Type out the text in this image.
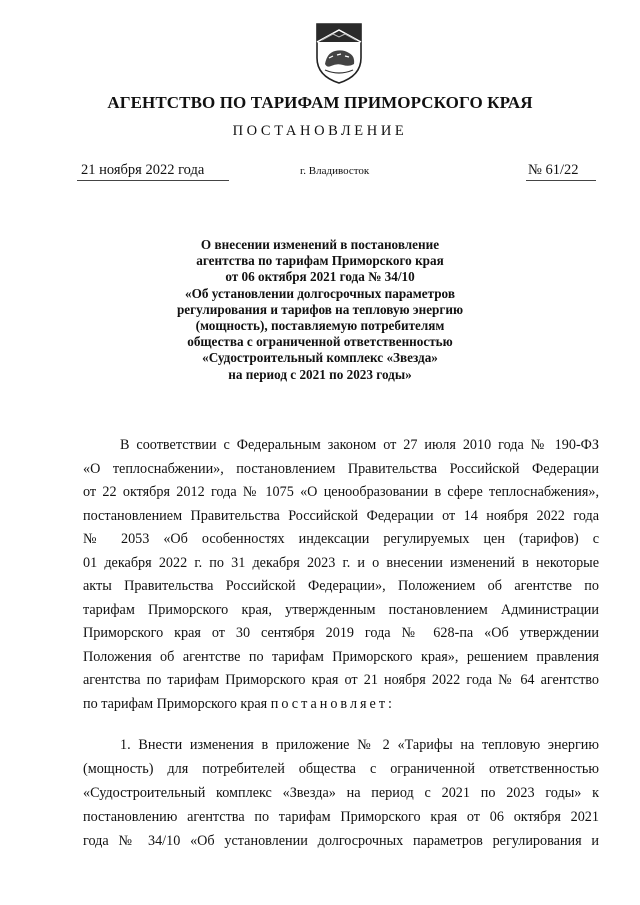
АГЕНТСТВО ПО ТАРИФАМ ПРИМОРСКОГО КРАЯ
ПОСТАНОВЛЕНИЕ
21 ноября 2022 года	г. Владивосток	№ 61/22
О внесении изменений в постановление
агентства по тарифам Приморского края
от 06 октября 2021 года № 34/10
«Об установлении долгосрочных параметров
регулирования и тарифов на тепловую энергию
(мощность), поставляемую потребителям
общества с ограниченной ответственностью
«Судостроительный комплекс «Звезда»
на период с 2021 по 2023 годы»
В соответствии с Федеральным законом от 27 июля 2010 года № 190-ФЗ
«О теплоснабжении», постановлением Правительства Российской Федерации
от 22 октября 2012 года № 1075 «О ценообразовании в сфере теплоснабжения»,
постановлением Правительства Российской Федерации от 14 ноября 2022 года
№ 2053 «Об особенностях индексации регулируемых цен (тарифов) с
01 декабря 2022 г. по 31 декабря 2023 г. и о внесении изменений в некоторые
акты Правительства Российской Федерации», Положением об агентстве по
тарифам Приморского края, утвержденным постановлением Администрации
Приморского края от 30 сентября 2019 года № 628-па «Об утверждении
Положения об агентстве по тарифам Приморского края», решением правления
агентства по тарифам Приморского края от 21 ноября 2022 года № 64 агентство
по тарифам Приморского края постановляет:
1. Внести изменения в приложение № 2 «Тарифы на тепловую энергию
(мощность) для потребителей общества с ограниченной ответственностью
«Судостроительный комплекс «Звезда» на период с 2021 по 2023 годы» к
постановлению агентства по тарифам Приморского края от 06 октября 2021
года № 34/10 «Об установлении долгосрочных параметров регулирования и
